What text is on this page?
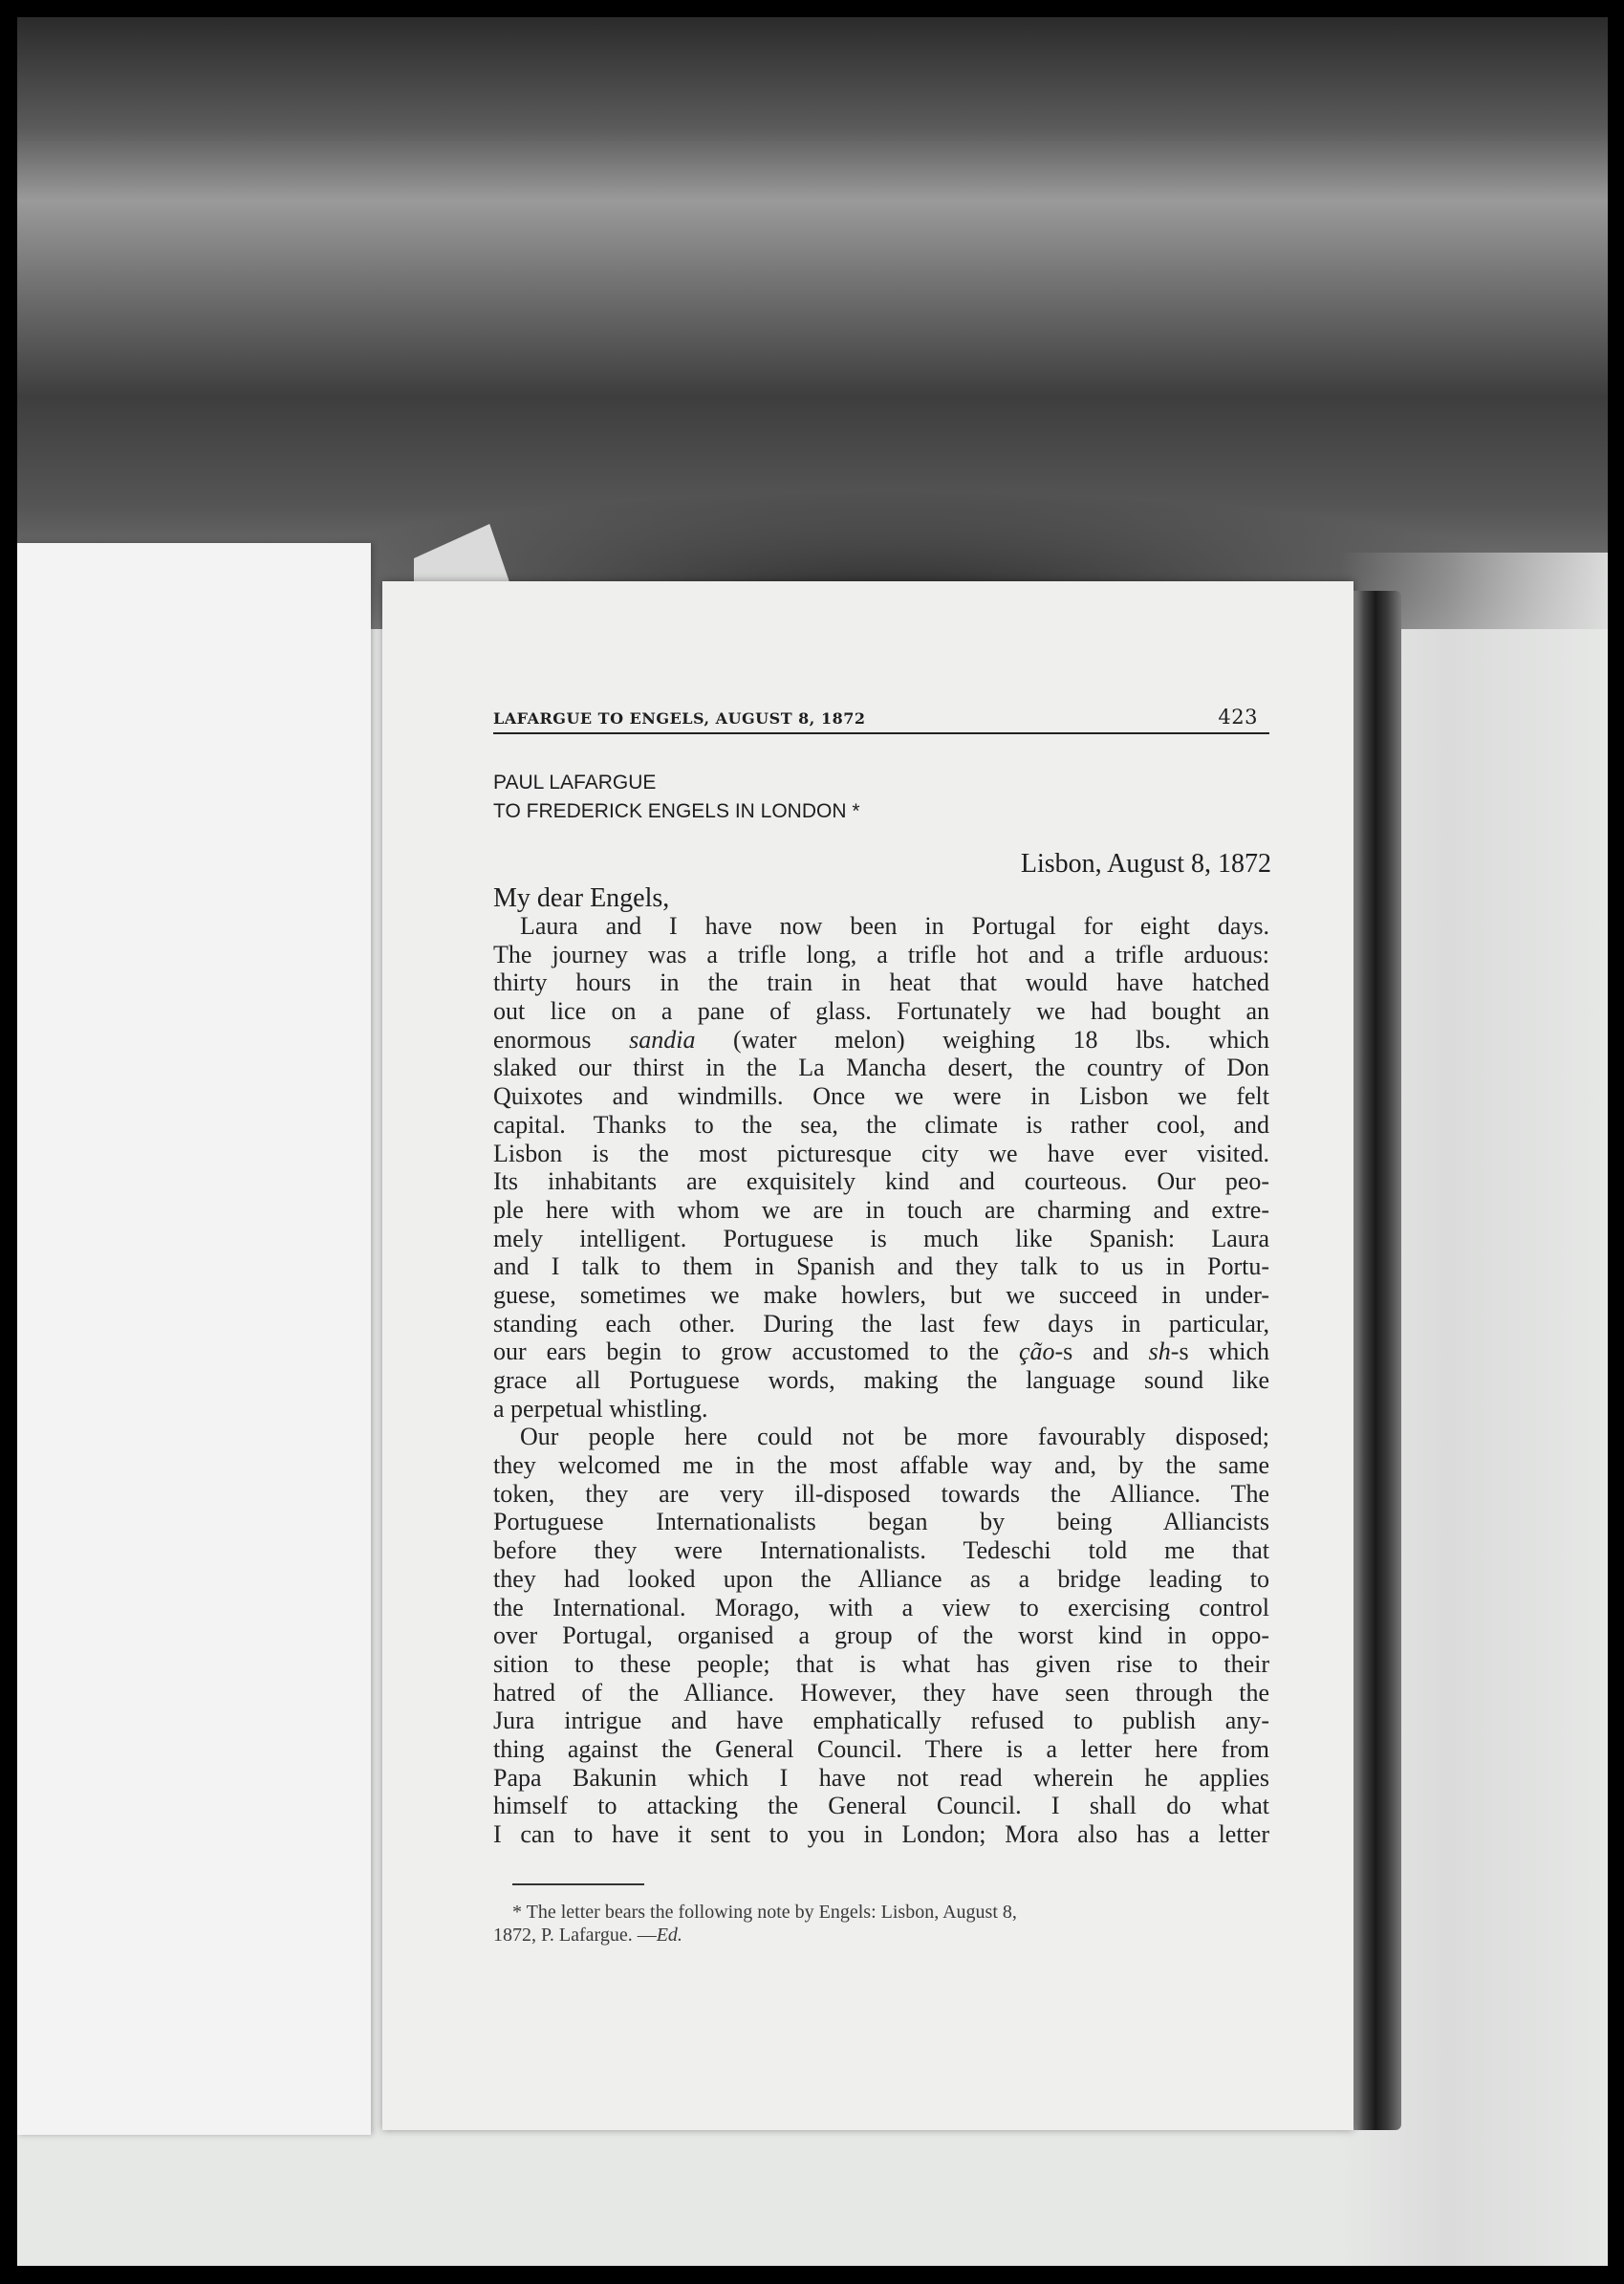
LAFARGUE TO ENGELS, AUGUST 8, 1872	423
PAUL LAFARGUE
TO FREDERICK ENGELS IN LONDON *
Lisbon, August 8, 1872
My dear Engels,
Laura and I have now been in Portugal for eight days.
The journey was a trifle long, a trifle hot and a trifle arduous:
thirty hours in the train in heat that would have hatched
out lice on a pane of glass. Fortunately we had bought an
enormous sandia (water melon) weighing 18 lbs. which
slaked our thirst in the La Mancha desert, the country of Don
Quixotes and windmills. Once we were in Lisbon we felt
capital. Thanks to the sea, the climate is rather cool, and
Lisbon is the most picturesque city we have ever visited.
Its inhabitants are exquisitely kind and courteous. Our peo-
ple here with whom we are in touch are charming and extre-
mely intelligent. Portuguese is much like Spanish: Laura
and I talk to them in Spanish and they talk to us in Portu-
guese, sometimes we make howlers, but we succeed in under-
standing each other. During the last few days in particular,
our ears begin to grow accustomed to the ção-s and sh-s which
grace all Portuguese words, making the language sound like
a perpetual whistling.
Our people here could not be more favourably disposed;
they welcomed me in the most affable way and, by the same
token, they are very ill-disposed towards the Alliance. The
Portuguese Internationalists began by being Alliancists
before they were Internationalists. Tedeschi told me that
they had looked upon the Alliance as a bridge leading to
the International. Morago, with a view to exercising control
over Portugal, organised a group of the worst kind in oppo-
sition to these people; that is what has given rise to their
hatred of the Alliance. However, they have seen through the
Jura intrigue and have emphatically refused to publish any-
thing against the General Council. There is a letter here from
Papa Bakunin which I have not read wherein he applies
himself to attacking the General Council. I shall do what
I can to have it sent to you in London; Mora also has a letter
* The letter bears the following note by Engels: Lisbon, August 8,
1872, P. Lafargue. —Ed.
